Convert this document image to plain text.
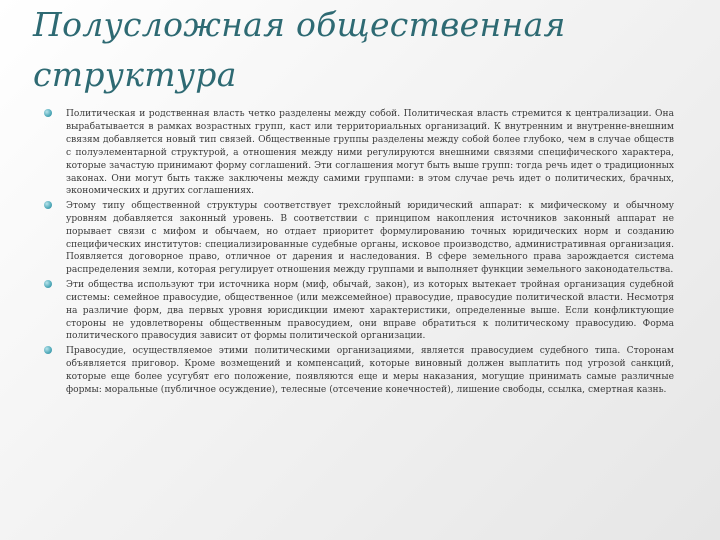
Полусложная общественная
структура
Политическая и родственная власть четко разделены между собой. Политическая власть стремится к централизации. Она вырабатывается в рамках возрастных групп, каст или территориальных организаций. К внутренним и внутренне-внешним связям добавляется новый тип связей. Общественные группы разделены между собой более глубоко, чем в случае обществ с полуэлементарной структурой, а отношения между ними регулируются внешними связями специфического характера, которые зачастую принимают форму соглашений. Эти соглашения могут быть выше групп: тогда речь идет о традиционных законах. Они могут быть также заключены между самими группами: в этом случае речь идет о политических, брачных, экономических и других соглашениях.
Этому типу общественной структуры соответствует трехслойный юридический аппарат: к мифическому и обычному уровням добавляется законный уровень. В соответствии с принципом накопления источников законный аппарат не порывает связи с мифом и обычаем, но отдает приоритет формулированию точных юридических норм и созданию специфических институтов: специализированные судебные органы, исковое производство, административная организация. Появляется договорное право, отличное от дарения и наследования. В сфере земельного права зарождается система распределения земли, которая регулирует отношения между группами и выполняет функции земельного законодательства.
Эти общества используют три источника норм (миф, обычай, закон), из которых вытекает тройная организация судебной системы: семейное правосудие, общественное (или межсемейное) правосудие, правосудие политической власти. Несмотря на различие форм, два первых уровня юрисдикции имеют характеристики, определенные выше. Если конфликтующие стороны не удовлетворены общественным правосудием, они вправе обратиться к политическому правосудию. Форма политического правосудия зависит от формы политической организации.
Правосудие, осуществляемое этими политическими организациями, является правосудием судебного типа. Сторонам объявляется приговор. Кроме возмещений и компенсаций, которые виновный должен выплатить под угрозой санкций, которые еще более усугубят его положение, появляются еще и меры наказания, могущие принимать самые различные формы: моральные (публичное осуждение), телесные (отсечение конечностей), лишение свободы, ссылка, смертная казнь.
